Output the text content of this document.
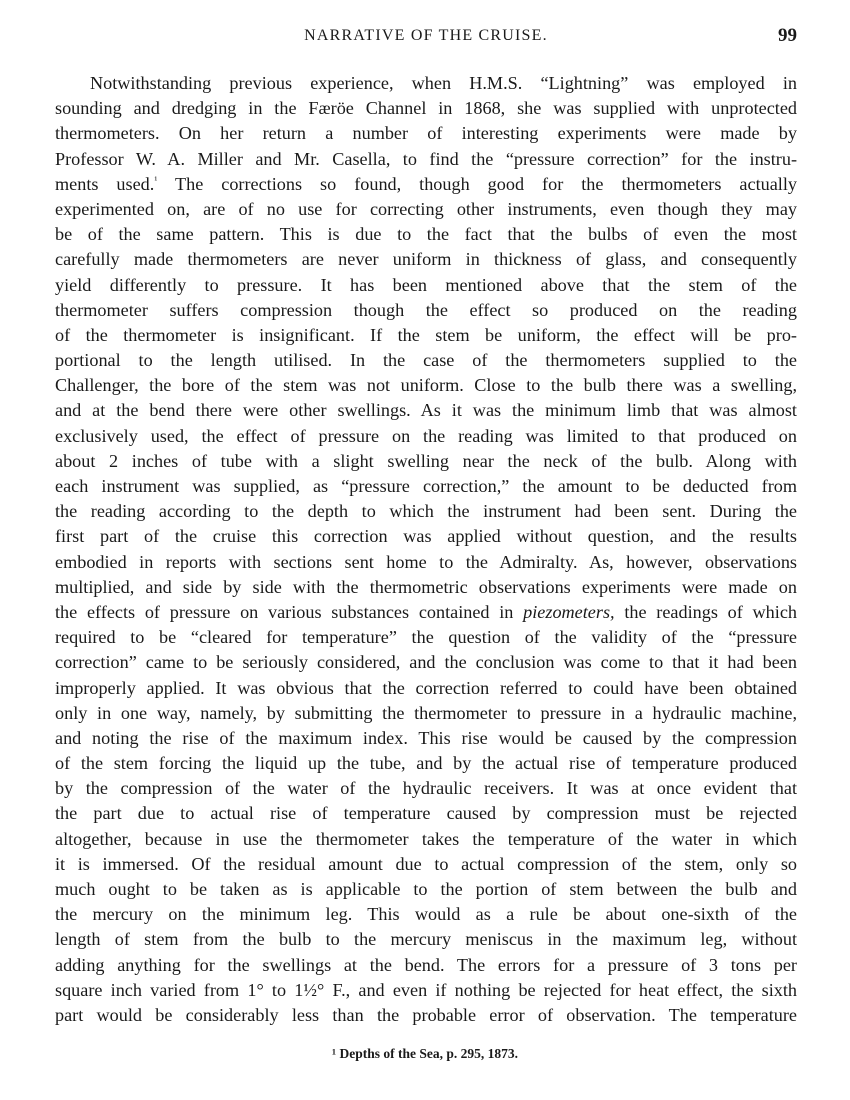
NARRATIVE OF THE CRUISE.	99
Notwithstanding previous experience, when H.M.S. “Lightning” was employed in
sounding and dredging in the Færöe Channel in 1868, she was supplied with unprotected
thermometers. On her return a number of interesting experiments were made by
Professor W. A. Miller and Mr. Casella, to find the “pressure correction” for the instru-
ments used.$^{^1}$ The corrections so found, though good for the thermometers actually
experimented on, are of no use for correcting other instruments, even though they may
be of the same pattern. This is due to the fact that the bulbs of even the most
carefully made thermometers are never uniform in thickness of glass, and consequently
yield differently to pressure. It has been mentioned above that the stem of the
thermometer suffers compression though the effect so produced on the reading
of the thermometer is insignificant. If the stem be uniform, the effect will be pro-
portional to the length utilised. In the case of the thermometers supplied to the
Challenger, the bore of the stem was not uniform. Close to the bulb there was a swelling,
and at the bend there were other swellings. As it was the minimum limb that was almost
exclusively used, the effect of pressure on the reading was limited to that produced on
about 2 inches of tube with a slight swelling near the neck of the bulb. Along with
each instrument was supplied, as “pressure correction,” the amount to be deducted from
the reading according to the depth to which the instrument had been sent. During the
first part of the cruise this correction was applied without question, and the results
embodied in reports with sections sent home to the Admiralty. As, however, observations
multiplied, and side by side with the thermometric observations experiments were made on
the effects of pressure on various substances contained in piezometers, the readings of which
required to be “cleared for temperature” the question of the validity of the “pressure
correction” came to be seriously considered, and the conclusion was come to that it had been
improperly applied. It was obvious that the correction referred to could have been obtained
only in one way, namely, by submitting the thermometer to pressure in a hydraulic machine,
and noting the rise of the maximum index. This rise would be caused by the compression
of the stem forcing the liquid up the tube, and by the actual rise of temperature produced
by the compression of the water of the hydraulic receivers. It was at once evident that
the part due to actual rise of temperature caused by compression must be rejected
altogether, because in use the thermometer takes the temperature of the water in which
it is immersed. Of the residual amount due to actual compression of the stem, only so
much ought to be taken as is applicable to the portion of stem between the bulb and
the mercury on the minimum leg. This would as a rule be about one-sixth of the
length of stem from the bulb to the mercury meniscus in the maximum leg, without
adding anything for the swellings at the bend. The errors for a pressure of 3 tons per
square inch varied from 1° to 1½° F., and even if nothing be rejected for heat effect, the sixth
part would be considerably less than the probable error of observation. The temperature
¹ Depths of the Sea, p. 295, 1873.
